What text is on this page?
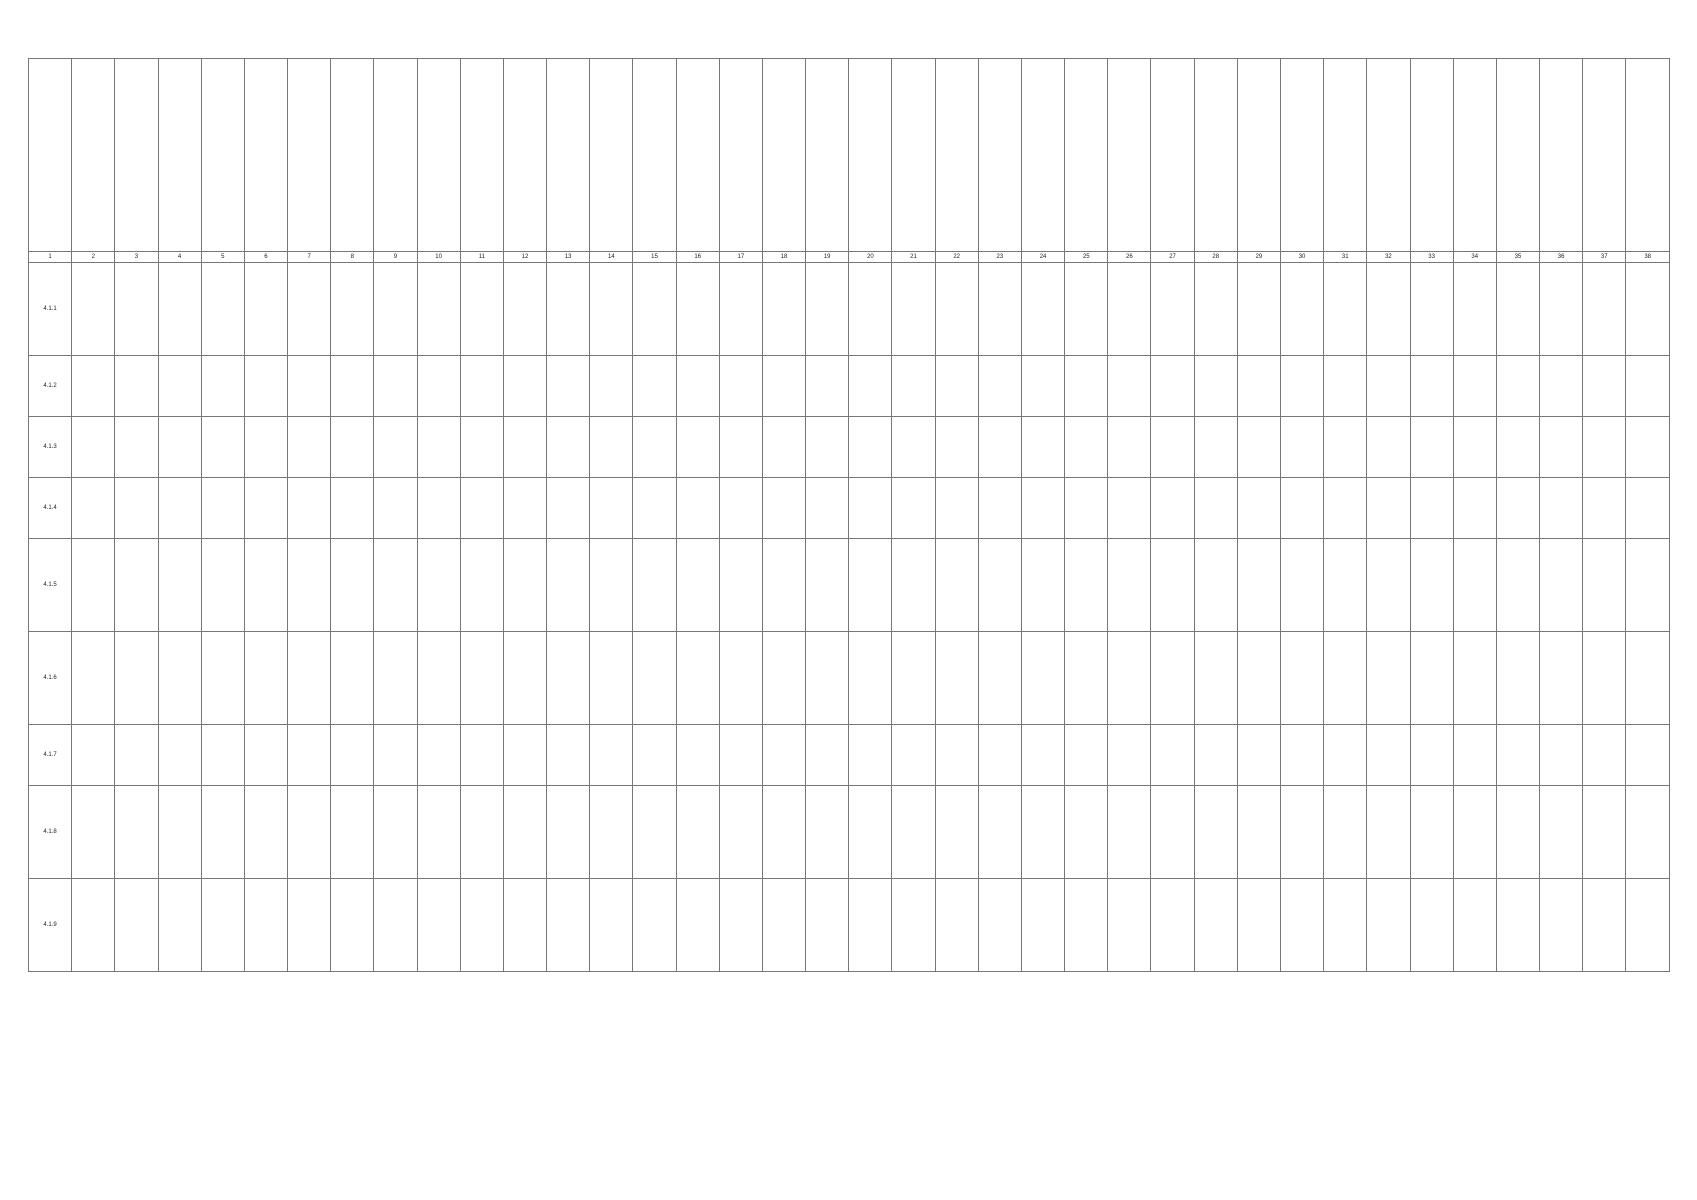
1	2	3	4	5	6	7	8	9	10	11	12	13	14	15	16	17	18	19	20	21	22	23	24	25	26	27	28	29	30	31	32	33	34	35	36	37	38
4.1.1																																					
4.1.2																																					
4.1.3																																					
4.1.4																																					
4.1.5																																					
4.1.6																																					
4.1.7																																					
4.1.8																																					
4.1.9																																					
